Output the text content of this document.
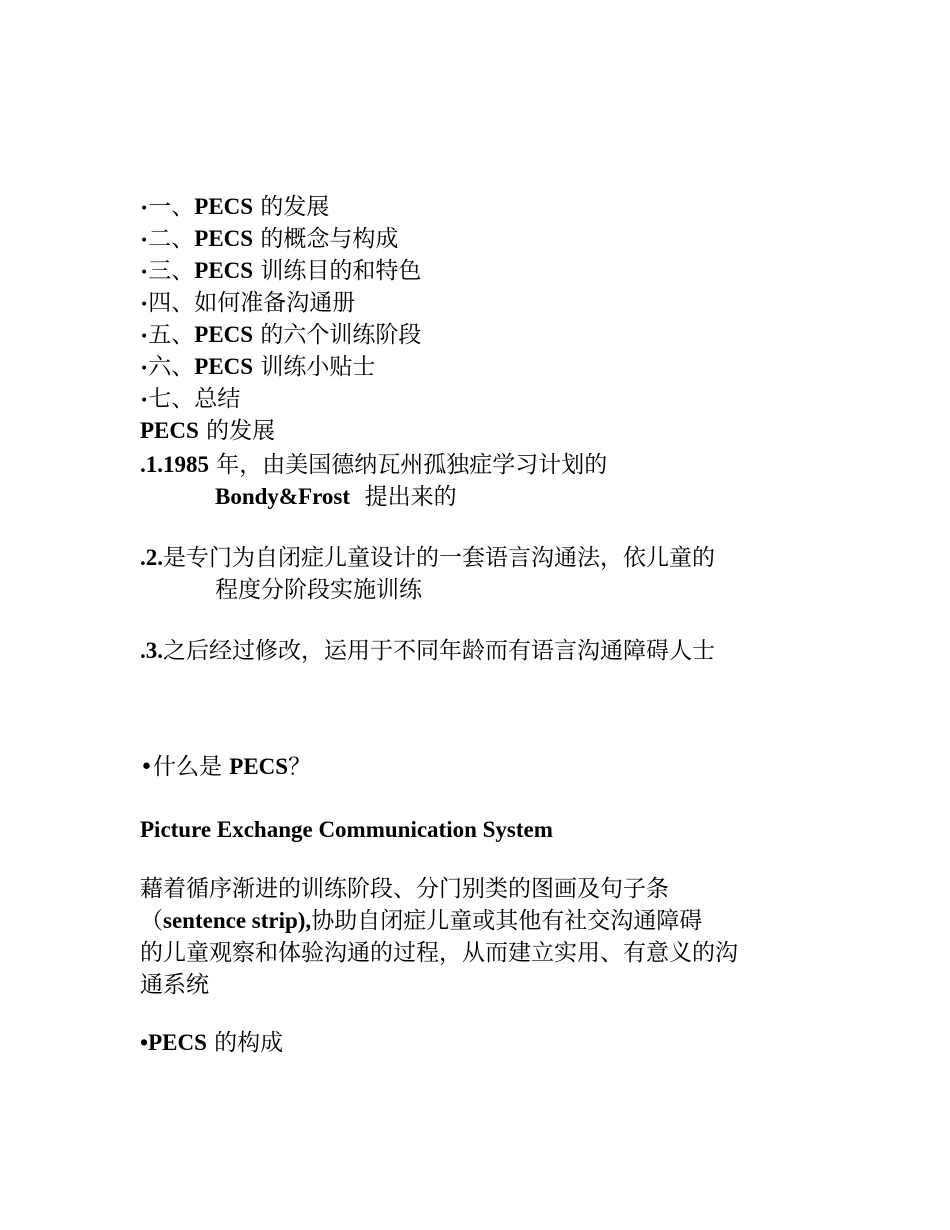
•一、PECS 的发展
•二、PECS 的概念与构成
•三、PECS 训练目的和特色
•四、如何准备沟通册
•五、PECS 的六个训练阶段
•六、PECS 训练小贴士
•七、总结
PECS 的发展
.1.1985 年，由美国德纳瓦州孤独症学习计划的
Bondy&Frost  提出来的
.2.是专门为自闭症儿童设计的一套语言沟通法，依儿童的
程度分阶段实施训练
.3.之后经过修改，运用于不同年龄而有语言沟通障碍人士
•什么是 PECS？
Picture Exchange Communication System
藉着循序渐进的训练阶段、分门别类的图画及句子条
（sentence strip),协助自闭症儿童或其他有社交沟通障碍
的儿童观察和体验沟通的过程，从而建立实用、有意义的沟
通系统
•PECS 的构成
